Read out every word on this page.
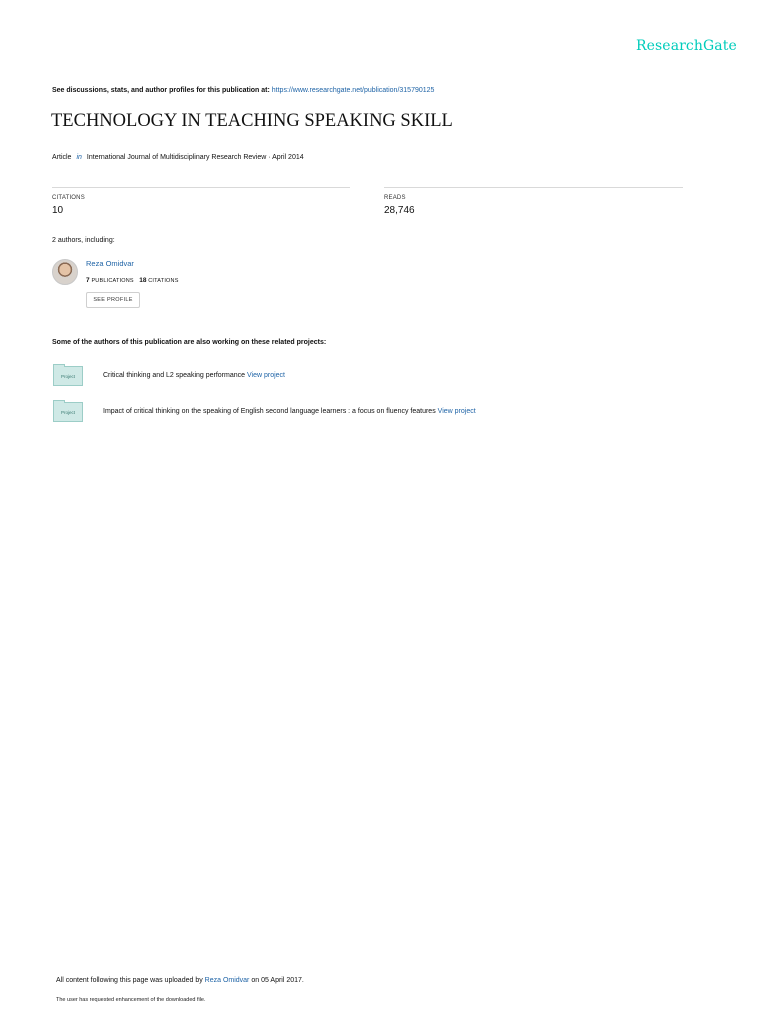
ResearchGate
See discussions, stats, and author profiles for this publication at: https://www.researchgate.net/publication/315790125
TECHNOLOGY IN TEACHING SPEAKING SKILL
Article in International Journal of Multidisciplinary Research Review · April 2014
CITATIONS
10
READS
28,746
2 authors, including:
Reza Omidvar
7 PUBLICATIONS 18 CITATIONS
SEE PROFILE
Some of the authors of this publication are also working on these related projects:
Project	Critical thinking and L2 speaking performance View project
Project	Impact of critical thinking on the speaking of English second language learners : a focus on fluency features View project
All content following this page was uploaded by Reza Omidvar on 05 April 2017.
The user has requested enhancement of the downloaded file.
